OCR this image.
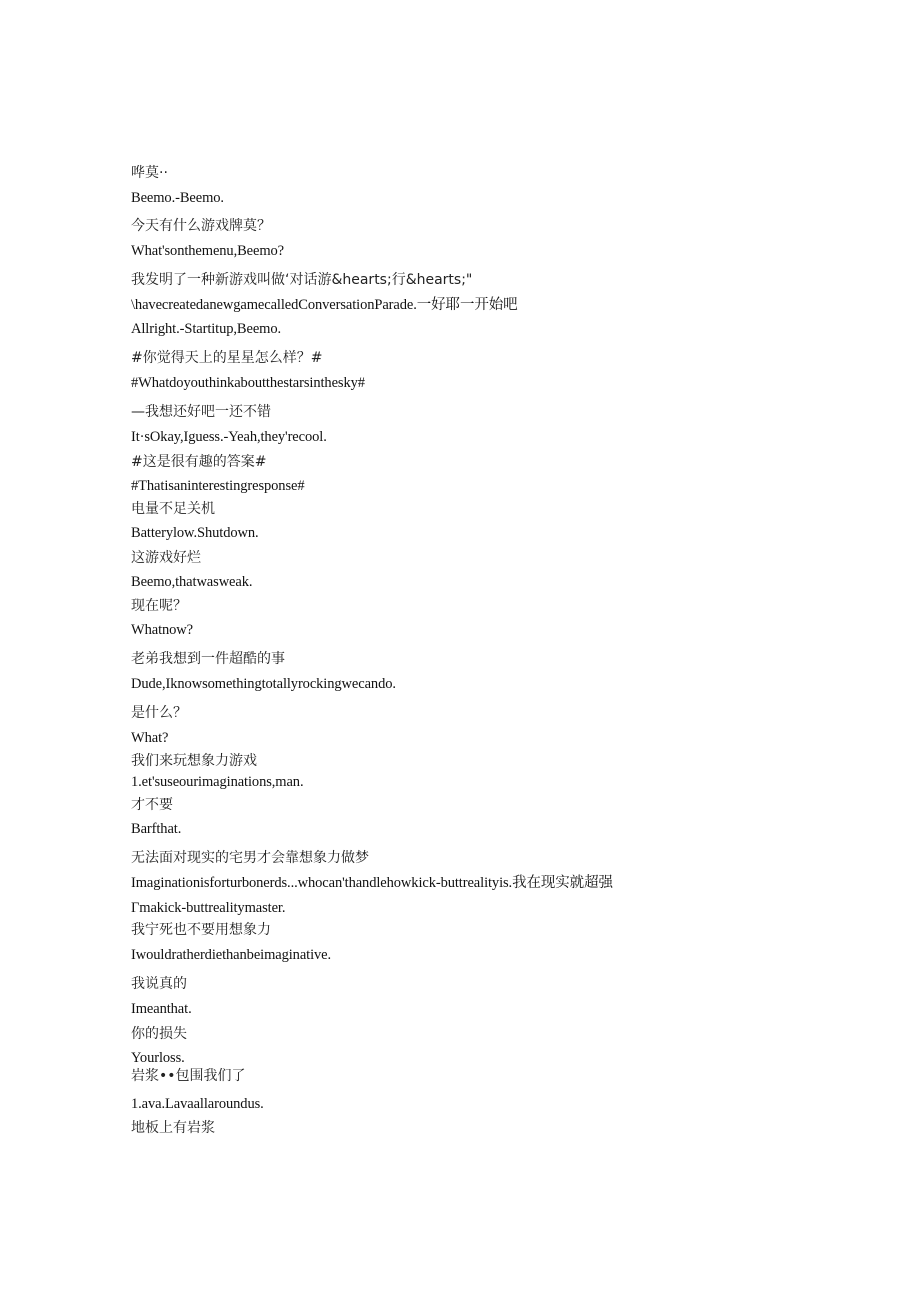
哗莫··
Beemo.-Beemo.
今天有什么游戏牌莫？
What'sonthemenu,Beemo?
我发明了一种新游戏叫做‘对话游&hearts;行&hearts;"
\havecreatedanewgamecalledConversationParade.一好耶一开始吧
Allright.-Startitup,Beemo.
#你觉得天上的星星怎么样？#
#Whatdoyouthinkaboutthestarsinthesky#
—我想还好吧一还不错
It·sOkay,Iguess.-Yeah,they'recool.
#这是很有趣的答案#
#Thatisaninterestingresponse#
电量不足关机
Batterylow.Shutdown.
这游戏好烂
Beemo,thatwasweak.
现在呢？
Whatnow?
老弟我想到一件超酷的事
Dude,Iknowsomethingtotallyrockingwecando.
是什么？
What?
我们来玩想象力游戏
1.et'suseourimaginations,man.
才不要
Barfthat.
无法面对现实的宅男才会靠想象力做梦
Imaginationisforturbonerds...whocan'thandlehowkick-buttrealityis.我在现实就超强
Γmakick-buttrealitymaster.
我宁死也不要用想象力
Iwouldratherdiethanbeimaginative.
我说真的
Imeanthat.
你的损失
Yourloss.
岩浆••包围我们了
1.ava.Lavaallaroundus.
地板上有岩浆
